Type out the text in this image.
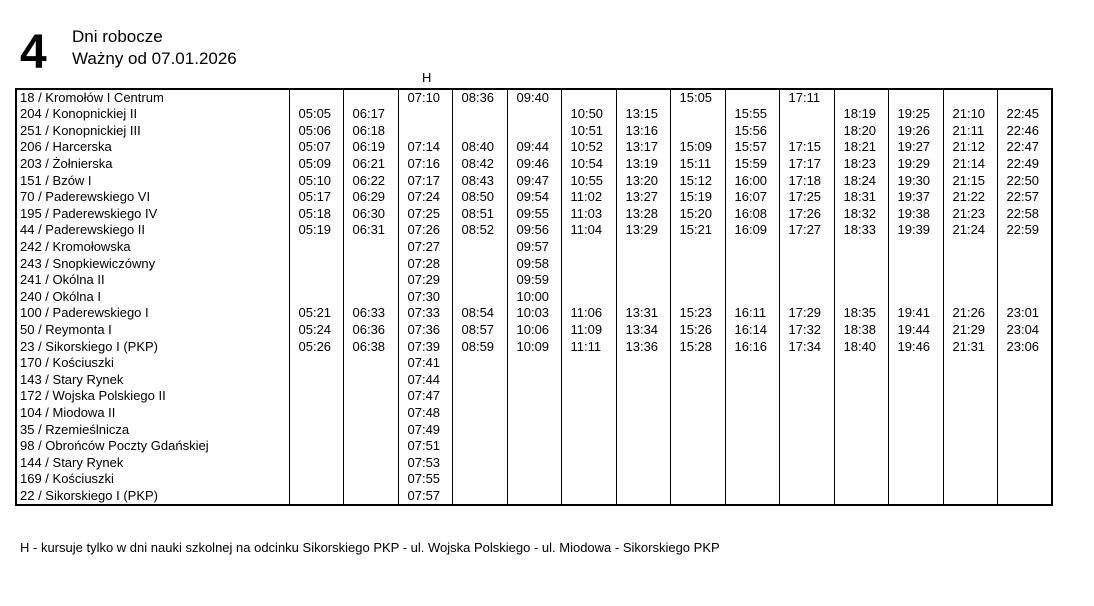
4 Dni robocze
Ważny od 07.01.2026
H
18 / Kromołów I Centrum			07:10	08:36	09:40			15:05		17:11				
204 / Konopnickiej II	05:05	06:17				10:50	13:15		15:55		18:19	19:25	21:10	22:45
251 / Konopnickiej III	05:06	06:18				10:51	13:16		15:56		18:20	19:26	21:11	22:46
206 / Harcerska	05:07	06:19	07:14	08:40	09:44	10:52	13:17	15:09	15:57	17:15	18:21	19:27	21:12	22:47
203 / Żołnierska	05:09	06:21	07:16	08:42	09:46	10:54	13:19	15:11	15:59	17:17	18:23	19:29	21:14	22:49
151 / Bzów I	05:10	06:22	07:17	08:43	09:47	10:55	13:20	15:12	16:00	17:18	18:24	19:30	21:15	22:50
70 / Paderewskiego VI	05:17	06:29	07:24	08:50	09:54	11:02	13:27	15:19	16:07	17:25	18:31	19:37	21:22	22:57
195 / Paderewskiego IV	05:18	06:30	07:25	08:51	09:55	11:03	13:28	15:20	16:08	17:26	18:32	19:38	21:23	22:58
44 / Paderewskiego II	05:19	06:31	07:26	08:52	09:56	11:04	13:29	15:21	16:09	17:27	18:33	19:39	21:24	22:59
242 / Kromołowska			07:27		09:57									
243 / Snopkiewiczówny			07:28		09:58									
241 / Okólna II			07:29		09:59									
240 / Okólna I			07:30		10:00									
100 / Paderewskiego I	05:21	06:33	07:33	08:54	10:03	11:06	13:31	15:23	16:11	17:29	18:35	19:41	21:26	23:01
50 / Reymonta I	05:24	06:36	07:36	08:57	10:06	11:09	13:34	15:26	16:14	17:32	18:38	19:44	21:29	23:04
23 / Sikorskiego I (PKP)	05:26	06:38	07:39	08:59	10:09	11:11	13:36	15:28	16:16	17:34	18:40	19:46	21:31	23:06
170 / Kościuszki			07:41											
143 / Stary Rynek			07:44											
172 / Wojska Polskiego II			07:47											
104 / Miodowa II			07:48											
35 / Rzemieślnicza			07:49											
98 / Obrońców Poczty Gdańskiej			07:51											
144 / Stary Rynek			07:53											
169 / Kościuszki			07:55											
22 / Sikorskiego I (PKP)			07:57											
H - kursuje tylko w dni nauki szkolnej na odcinku Sikorskiego PKP - ul. Wojska Polskiego - ul. Miodowa - Sikorskiego PKP
